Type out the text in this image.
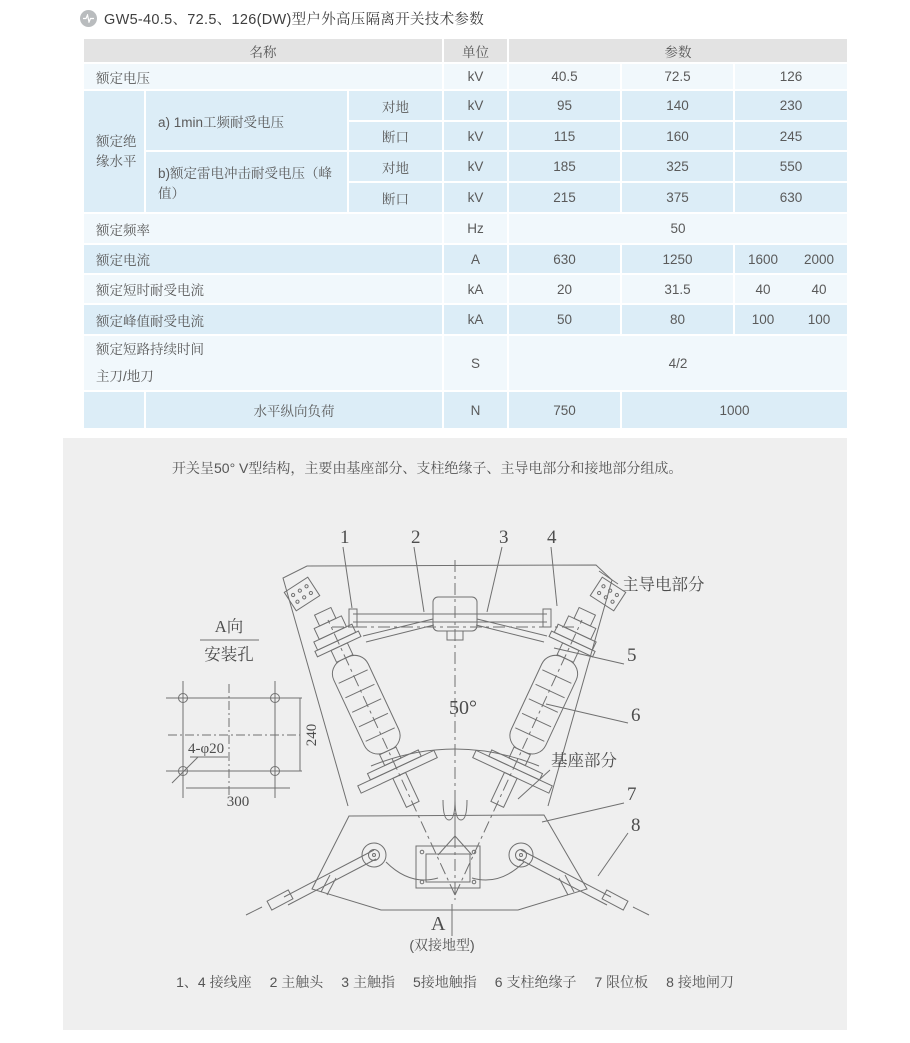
GW5-40.5、72.5、126(DW)型户外高压隔离开关技术参数
名称			单位	参数		
额定电压			kV	40.5	72.5	126
额定绝缘水平	a) 1min工频耐受电压	对地	kV	95	140	230
		断口	kV	115	160	245
	b)额定雷电冲击耐受电压（峰值）	对地	kV	185	325	550
		断口	kV	215	375	630
额定频率			Hz	50		
额定电流			A	630	1250	1600 2000

额定短时耐受电流			kA	20	31.5	40 40

额定峰值耐受电流			kA	50	80	100 100

额定短路持续时间
主刀/地刀			S	4/2		
	水平纵向负荷		N	750	1000	
开关呈50° V型结构，主要由基座部分、支柱绝缘子、主导电部分和接地部分组成。
A向
安装孔
240
300
4-φ20
50°
A
1	2	3 4
主导电部分
5
6
基座部分
7
8
(双接地型)
1、4 接线座 2 主触头 3 主触指 5接地触指 6 支柱绝缘子 7 限位板 8 接地闸刀
